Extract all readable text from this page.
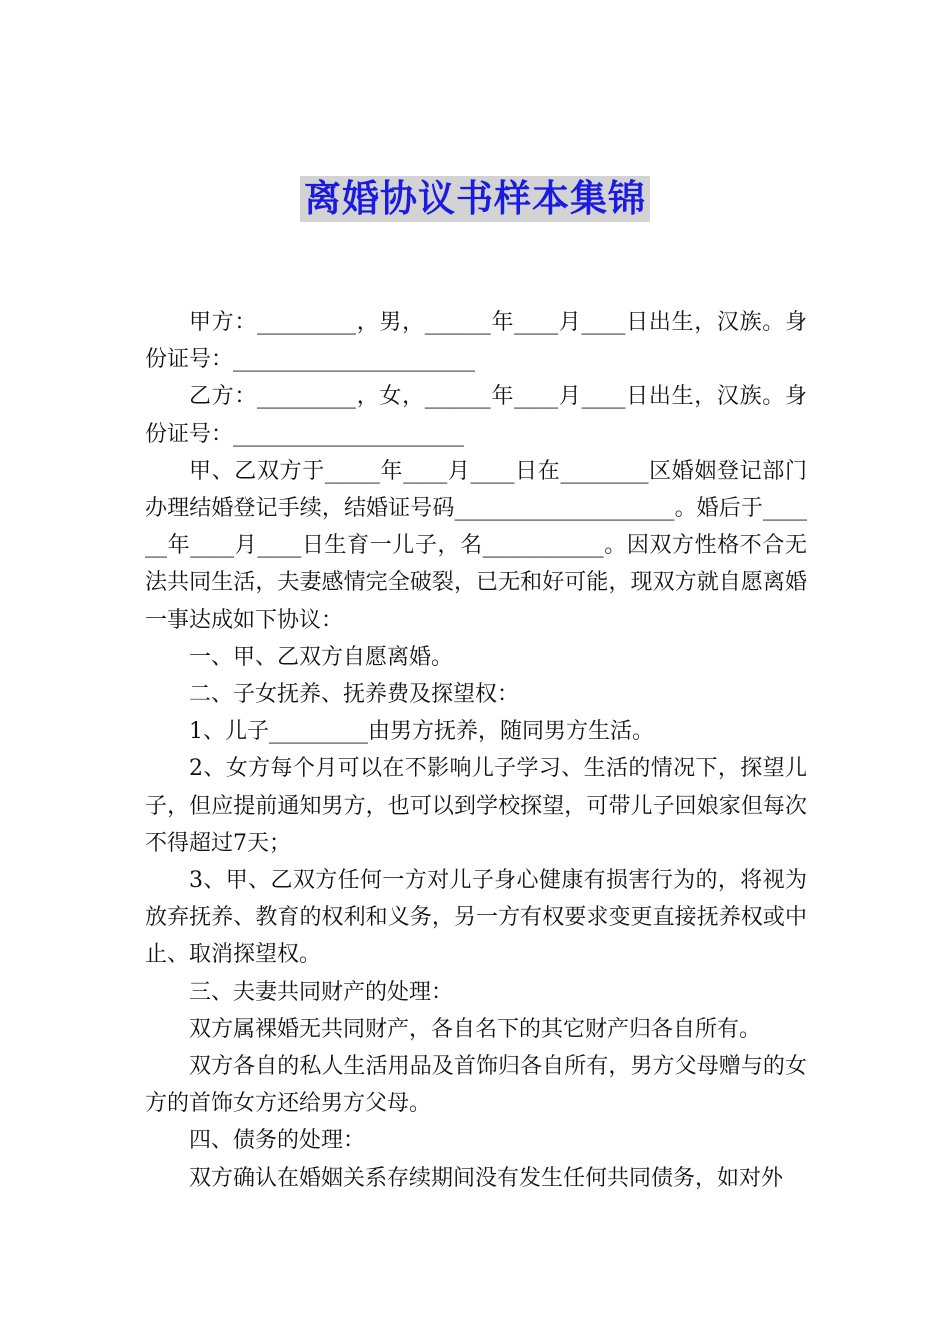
离婚协议书样本集锦

甲方：_________，男，______年____月____日出生，汉族。身份证号：______________________

乙方：_________，女，______年____月____日出生，汉族。身份证号：_____________________

甲、乙双方于_____年____月____日在________区婚姻登记部门办理结婚登记手续，结婚证号码____________________。婚后于______年____月____日生育一儿子，名___________。因双方性格不合无法共同生活，夫妻感情完全破裂，已无和好可能，现双方就自愿离婚一事达成如下协议：

一、甲、乙双方自愿离婚。

二、子女抚养、抚养费及探望权：

1、儿子_________由男方抚养，随同男方生活。

2、女方每个月可以在不影响儿子学习、生活的情况下，探望儿子，但应提前通知男方，也可以到学校探望，可带儿子回娘家但每次不得超过7天；

3、甲、乙双方任何一方对儿子身心健康有损害行为的，将视为放弃抚养、教育的权利和义务，另一方有权要求变更直接抚养权或中止、取消探望权。

三、夫妻共同财产的处理：

双方属裸婚无共同财产，各自名下的其它财产归各自所有。

双方各自的私人生活用品及首饰归各自所有，男方父母赠与的女方的首饰女方还给男方父母。

四、债务的处理：

双方确认在婚姻关系存续期间没有发生任何共同债务，如对外
